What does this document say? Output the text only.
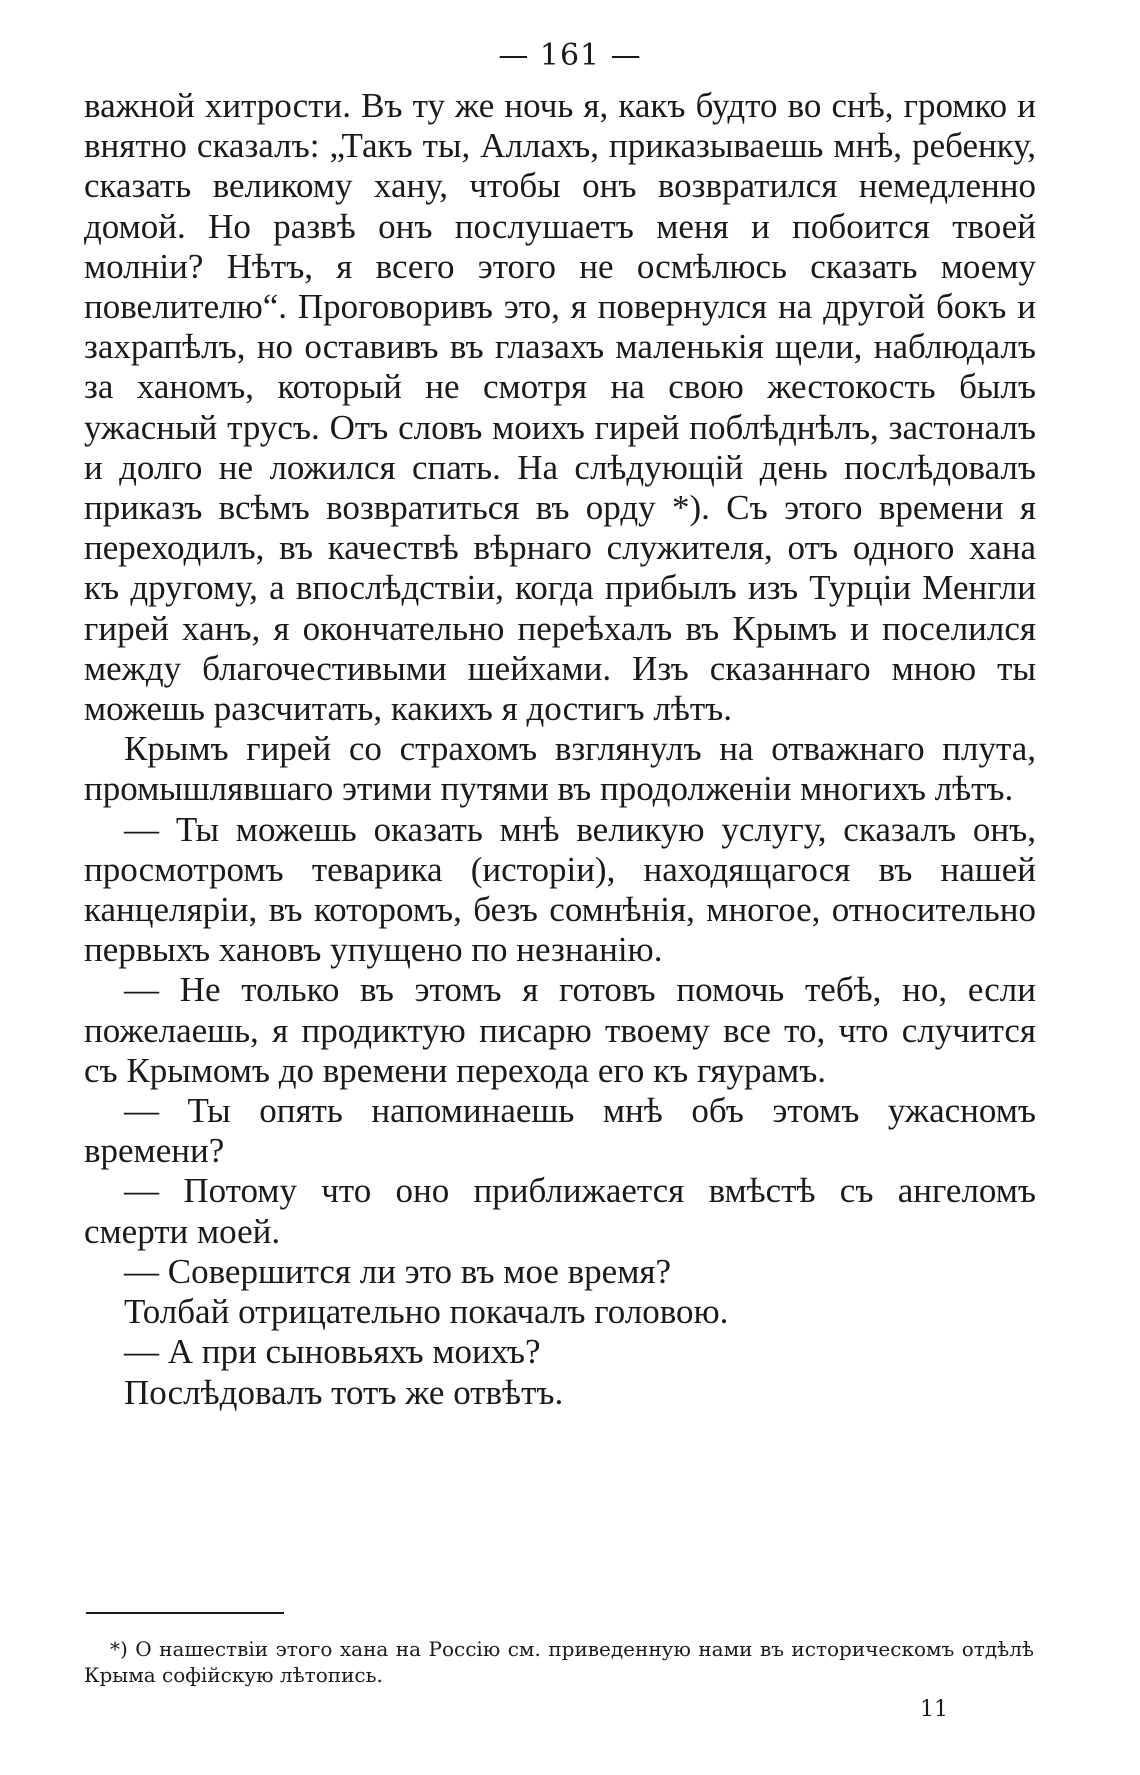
— 161 —

важной хитрости. Въ ту же ночь я, какъ будто во снѣ, громко и внятно сказалъ: „Такъ ты, Аллахъ, приказываешь мнѣ, ребенку, сказать великому хану, чтобы онъ возвратился немедленно домой. Но развѣ онъ послушаетъ меня и побоится твоей молніи? Нѣтъ, я всего этого не осмѣлюсь сказать моему повелителю“. Проговоривъ это, я повернулся на другой бокъ и захрапѣлъ, но оставивъ въ глазахъ маленькія щели, наблюдалъ за ханомъ, который не смотря на свою жестокость былъ ужасный трусъ. Отъ словъ моихъ гирей поблѣднѣлъ, застоналъ и долго не ложился спать. На слѣдующій день послѣдовалъ приказъ всѣмъ возвратиться въ орду *). Съ этого времени я переходилъ, въ качествѣ вѣрнаго служителя, отъ одного хана къ другому, а впослѣдствіи, когда прибылъ изъ Турціи Менгли гирей ханъ, я окончательно переѣхалъ въ Крымъ и поселился между благочестивыми шейхами. Изъ сказаннаго мною ты можешь разсчитать, какихъ я достигъ лѣтъ.

Крымъ гирей со страхомъ взглянулъ на отважнаго плута, промышлявшаго этими путями въ продолженіи многихъ лѣтъ.

— Ты можешь оказать мнѣ великую услугу, сказалъ онъ, просмотромъ теварика (исторіи), находящагося въ нашей канцеляріи, въ которомъ, безъ сомнѣнія, многое, относительно первыхъ хановъ упущено по незнанію.

— Не только въ этомъ я готовъ помочь тебѣ, но, если пожелаешь, я продиктую писарю твоему все то, что случится съ Крымомъ до времени перехода его къ гяурамъ.

— Ты опять напоминаешь мнѣ объ этомъ ужасномъ времени?

— Потому что оно приближается вмѣстѣ съ ангеломъ смерти моей.

— Совершится ли это въ мое время?

Толбай отрицательно покачалъ головою.

— А при сыновьяхъ моихъ?

Послѣдовалъ тотъ же отвѣтъ.

*) О нашествіи этого хана на Россію см. приведенную нами въ историческомъ отдѣлѣ Крыма софійскую лѣтопись.
11
